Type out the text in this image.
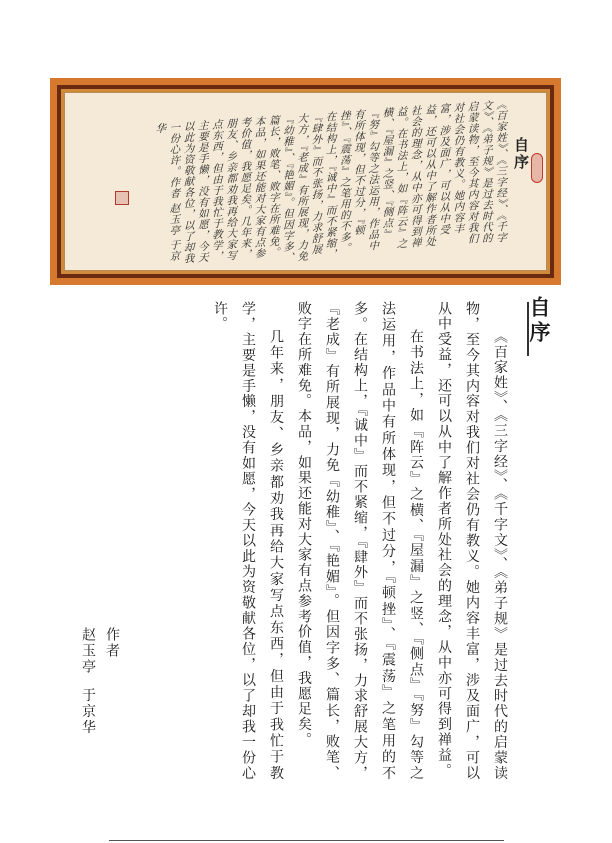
自序
《百家姓》、《三字经》、《千字文》、《弟子规》是过去时代的启蒙读物，至今其内容对我们对社会仍有教义。她内容丰富，涉及面广，可以从中受益，还可以从中了解作者所处社会的理念，从中亦可得到禅益。在书法上，如『阵云』之横、『屋漏』之竖、『侧点』『努』勾等之法运用，作品中有所体现，但不过分，『顿挫』、『震荡』之笔用的不多。在结构上，『诚中』而不紧缩，『肆外』而不张扬，力求舒展大方，『老成』有所展现，力免『幼稚』、『艳媚』。但因字多、篇长，败笔、败字在所难免。本品，如果还能对大家有点参考价值，我愿足矣。几年来，朋友、乡亲都劝我再给大家写点东西，但由于我忙于教学，主要是手懒，没有如愿，今天以此为资敬献各位，以了却我一份心许。作者 赵玉亭 于京华
自序

《百家姓》、《三字经》、《千字文》、《弟子规》是过去时代的启蒙读物，至今其内容对我们对社会仍有教义。她内容丰富，涉及面广，可以从中受益，还可以从中了解作者所处社会的理念，从中亦可得到禅益。

在书法上，如『阵云』之横、『屋漏』之竖、『侧点』『努』勾等之法运用，作品中有所体现，但不过分，『顿挫』、『震荡』之笔用的不多。在结构上，『诚中』而不紧缩，『肆外』而不张扬，力求舒展大方，『老成』有所展现，力免『幼稚』、『艳媚』。但因字多、篇长，败笔、败字在所难免。本品，如果还能对大家有点参考价值，我愿足矣。

几年来，朋友、乡亲都劝我再给大家写点东西，但由于我忙于教学，主要是手懒，没有如愿，今天以此为资敬献各位，以了却我一份心许。

作者
赵玉亭  于京华
